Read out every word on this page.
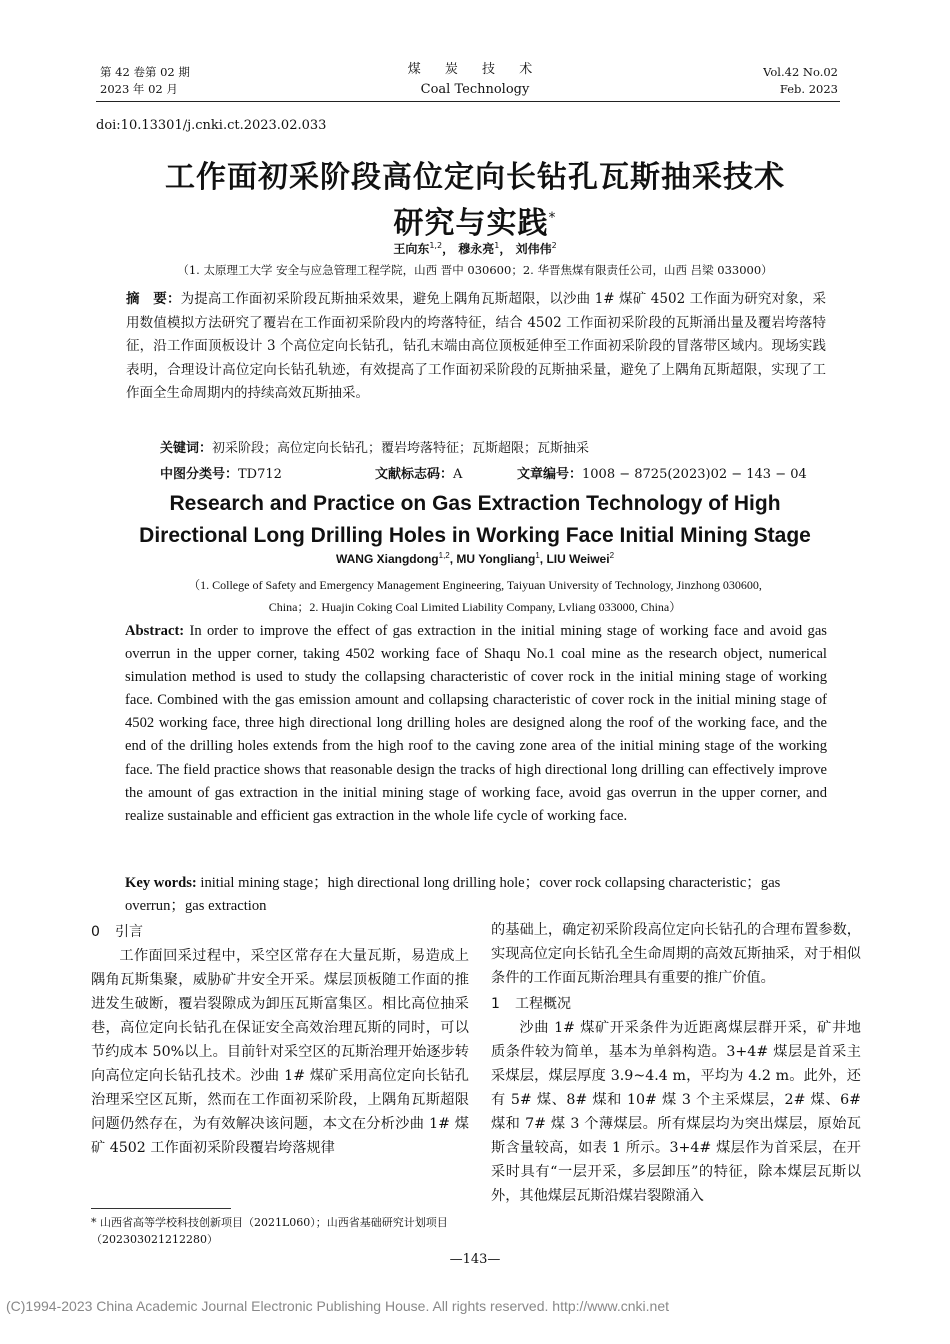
第 42 卷第 02 期
2023 年 02 月
煤 炭 技 术
Coal Technology
Vol.42 No.02
Feb. 2023
doi:10.13301/j.cnki.ct.2023.02.033
工作面初采阶段高位定向长钻孔瓦斯抽采技术
研究与实践*
王向东$^{1,2}$， 穆永亮$^1$， 刘伟伟$^2$
（1. 太原理工大学 安全与应急管理工程学院，山西 晋中 030600；2. 华晋焦煤有限责任公司，山西 吕梁 033000）
摘　要：为提高工作面初采阶段瓦斯抽采效果，避免上隅角瓦斯超限，以沙曲 1# 煤矿 4502 工作面为研究对象，采用数值模拟方法研究了覆岩在工作面初采阶段内的垮落特征，结合 4502 工作面初采阶段的瓦斯涌出量及覆岩垮落特征，沿工作面顶板设计 3 个高位定向长钻孔，钻孔末端由高位顶板延伸至工作面初采阶段的冒落带区域内。现场实践表明，合理设计高位定向长钻孔轨迹，有效提高了工作面初采阶段的瓦斯抽采量，避免了上隅角瓦斯超限，实现了工作面全生命周期内的持续高效瓦斯抽采。
关键词：初采阶段；高位定向长钻孔；覆岩垮落特征；瓦斯超限；瓦斯抽采
中图分类号：TD712	文献标志码：A	文章编号：1008 − 8725(2023)02 − 143 − 04
Research and Practice on Gas Extraction Technology of High
Directional Long Drilling Holes in Working Face Initial Mining Stage
WANG Xiangdong$^{1,2}$, MU Yongliang$^1$, LIU Weiwei$^2$
（1. College of Safety and Emergency Management Engineering, Taiyuan University of Technology, Jinzhong 030600,
China；2. Huajin Coking Coal Limited Liability Company, Lvliang 033000, China）
Abstract: In order to improve the effect of gas extraction in the initial mining stage of working face and avoid gas overrun in the upper corner, taking 4502 working face of Shaqu No.1 coal mine as the research object, numerical simulation method is used to study the collapsing characteristic of cover rock in the initial mining stage of working face. Combined with the gas emission amount and collapsing characteristic of cover rock in the initial mining stage of 4502 working face, three high directional long drilling holes are designed along the roof of the working face, and the end of the drilling holes extends from the high roof to the caving zone area of the initial mining stage of the working face. The field practice shows that reasonable design the tracks of high directional long drilling can effectively improve the amount of gas extraction in the initial mining stage of working face, avoid gas overrun in the upper corner, and realize sustainable and efficient gas extraction in the whole life cycle of working face.
Key words: initial mining stage；high directional long drilling hole；cover rock collapsing characteristic；gas overrun；gas extraction
0 引言

工作面回采过程中，采空区常存在大量瓦斯，易造成上隅角瓦斯集聚，威胁矿井安全开采。煤层顶板随工作面的推进发生破断，覆岩裂隙成为卸压瓦斯富集区。相比高位抽采巷，高位定向长钻孔在保证安全高效治理瓦斯的同时，可以节约成本 50%以上。目前针对采空区的瓦斯治理开始逐步转向高位定向长钻孔技术。沙曲 1# 煤矿采用高位定向长钻孔治理采空区瓦斯，然而在工作面初采阶段，上隅角瓦斯超限问题仍然存在，为有效解决该问题，本文在分析沙曲 1# 煤矿 4502 工作面初采阶段覆岩垮落规律

的基础上，确定初采阶段高位定向长钻孔的合理布置参数，实现高位定向长钻孔全生命周期的高效瓦斯抽采，对于相似条件的工作面瓦斯治理具有重要的推广价值。

1 工程概况

沙曲 1# 煤矿开采条件为近距离煤层群开采，矿井地质条件较为简单，基本为单斜构造。3+4# 煤层是首采主采煤层，煤层厚度 3.9~4.4 m，平均为 4.2 m。此外，还有 5# 煤、8# 煤和 10# 煤 3 个主采煤层，2# 煤、6# 煤和 7# 煤 3 个薄煤层。所有煤层均为突出煤层，原始瓦斯含量较高，如表 1 所示。3+4# 煤层作为首采层，在开采时具有“一层开采，多层卸压”的特征，除本煤层瓦斯以外，其他煤层瓦斯沿煤岩裂隙涌入

* 山西省高等学校科技创新项目（2021L060）；山西省基础研究计划项目（202303021212280）
—143—
(C)1994-2023 China Academic Journal Electronic Publishing House. All rights reserved. http://www.cnki.net
